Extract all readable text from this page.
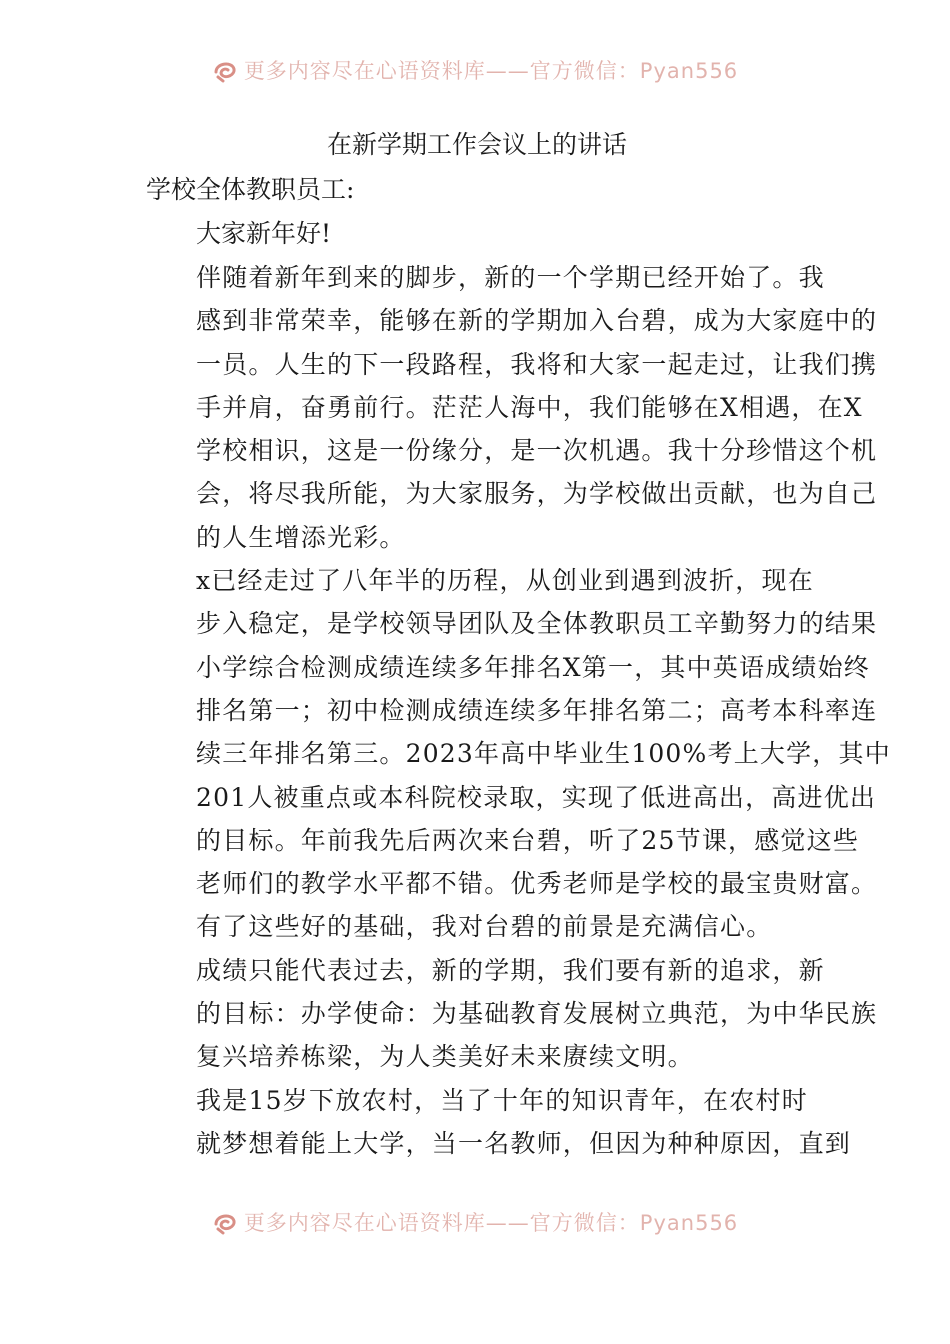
更多内容尽在心语资料库——官方微信：Pyan556
在新学期工作会议上的讲话

学校全体教职员工:

大家新年好!

伴随着新年到来的脚步，新的一个学期已经开始了。我
感到非常荣幸，能够在新的学期加入台碧，成为大家庭中的
一员。人生的下一段路程，我将和大家一起走过，让我们携
手并肩，奋勇前行。茫茫人海中，我们能够在X相遇，在X
学校相识，这是一份缘分，是一次机遇。我十分珍惜这个机
会，将尽我所能，为大家服务，为学校做出贡献，也为自己
的人生增添光彩。
x已经走过了八年半的历程，从创业到遇到波折，现在
步入稳定，是学校领导团队及全体教职员工辛勤努力的结果
小学综合检测成绩连续多年排名X第一，其中英语成绩始终
排名第一；初中检测成绩连续多年排名第二；高考本科率连
续三年排名第三。2023年高中毕业生100%考上大学，其中
201人被重点或本科院校录取，实现了低进高出，高进优出
的目标。年前我先后两次来台碧，听了25节课，感觉这些
老师们的教学水平都不错。优秀老师是学校的最宝贵财富。
有了这些好的基础，我对台碧的前景是充满信心。
成绩只能代表过去，新的学期，我们要有新的追求，新
的目标：办学使命：为基础教育发展树立典范，为中华民族
复兴培养栋梁，为人类美好未来赓续文明。
我是15岁下放农村，当了十年的知识青年，在农村时
就梦想着能上大学，当一名教师，但因为种种原因，直到
更多内容尽在心语资料库——官方微信：Pyan556
